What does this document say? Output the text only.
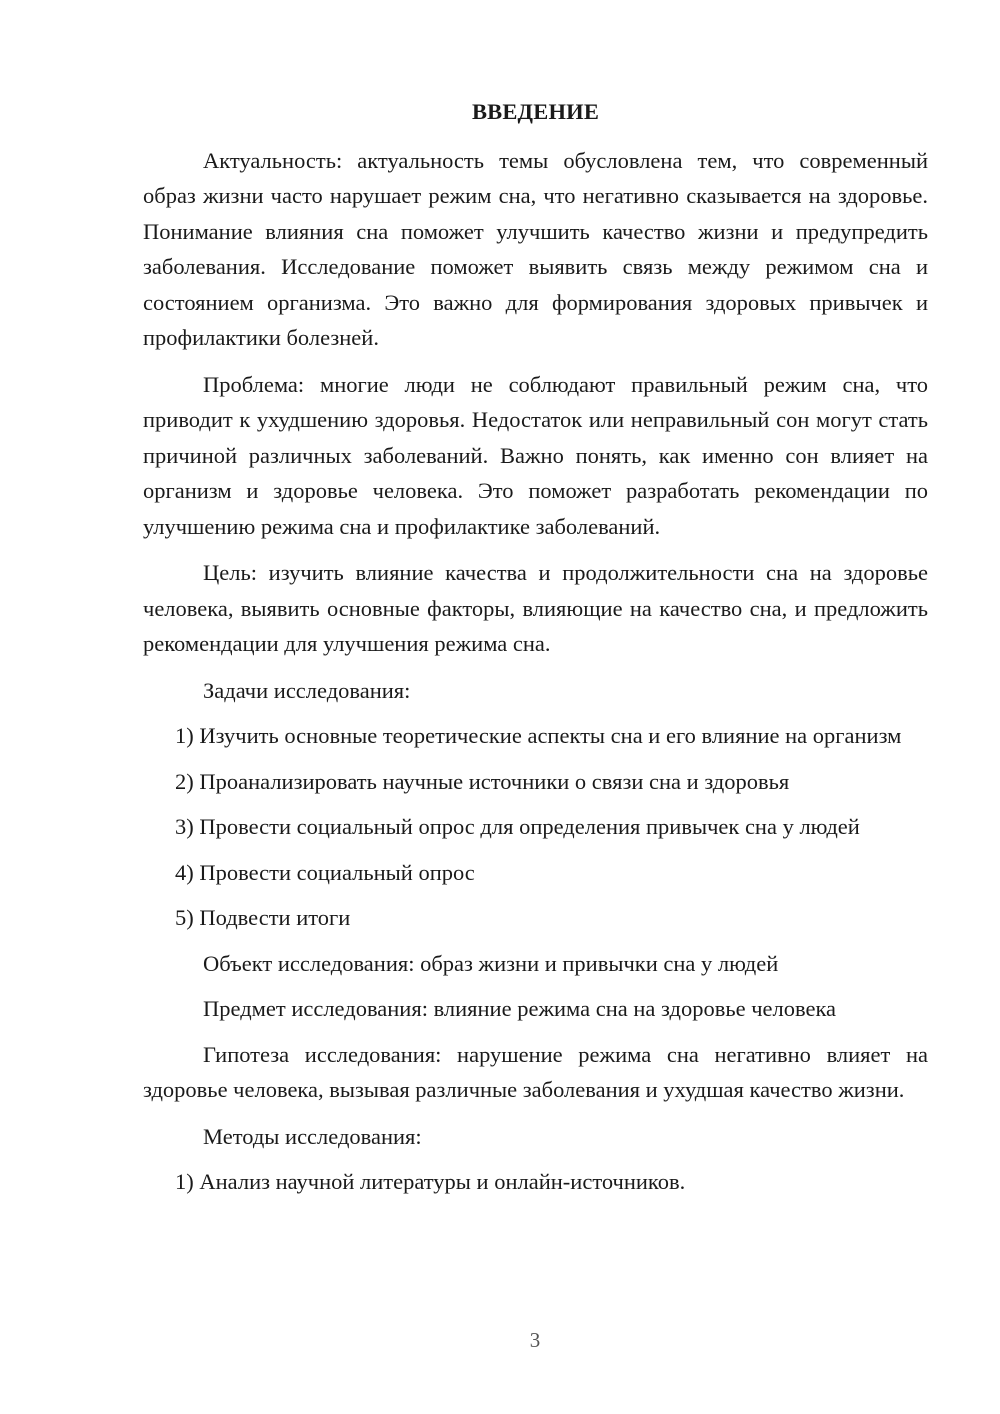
ВВЕДЕНИЕ

Актуальность: актуальность темы обусловлена тем, что современный образ жизни часто нарушает режим сна, что негативно сказывается на здоровье. Понимание влияния сна поможет улучшить качество жизни и предупредить заболевания. Исследование поможет выявить связь между режимом сна и состоянием организма. Это важно для формирования здоровых привычек и профилактики болезней.

Проблема: многие люди не соблюдают правильный режим сна, что приводит к ухудшению здоровья. Недостаток или неправильный сон могут стать причиной различных заболеваний. Важно понять, как именно сон влияет на организм и здоровье человека. Это поможет разработать рекомендации по улучшению режима сна и профилактике заболеваний.

Цель: изучить влияние качества и продолжительности сна на здоровье человека, выявить основные факторы, влияющие на качество сна, и предложить рекомендации для улучшения режима сна.

Задачи исследования:

1) Изучить основные теоретические аспекты сна и его влияние на организм

2) Проанализировать научные источники о связи сна и здоровья

3) Провести социальный опрос для определения привычек сна у людей

4) Провести социальный опрос

5) Подвести итоги

Объект исследования: образ жизни и привычки сна у людей

Предмет исследования: влияние режима сна на здоровье человека

Гипотеза исследования: нарушение режима сна негативно влияет на здоровье человека, вызывая различные заболевания и ухудшая качество жизни.

Методы исследования:

1) Анализ научной литературы и онлайн-источников.

3
